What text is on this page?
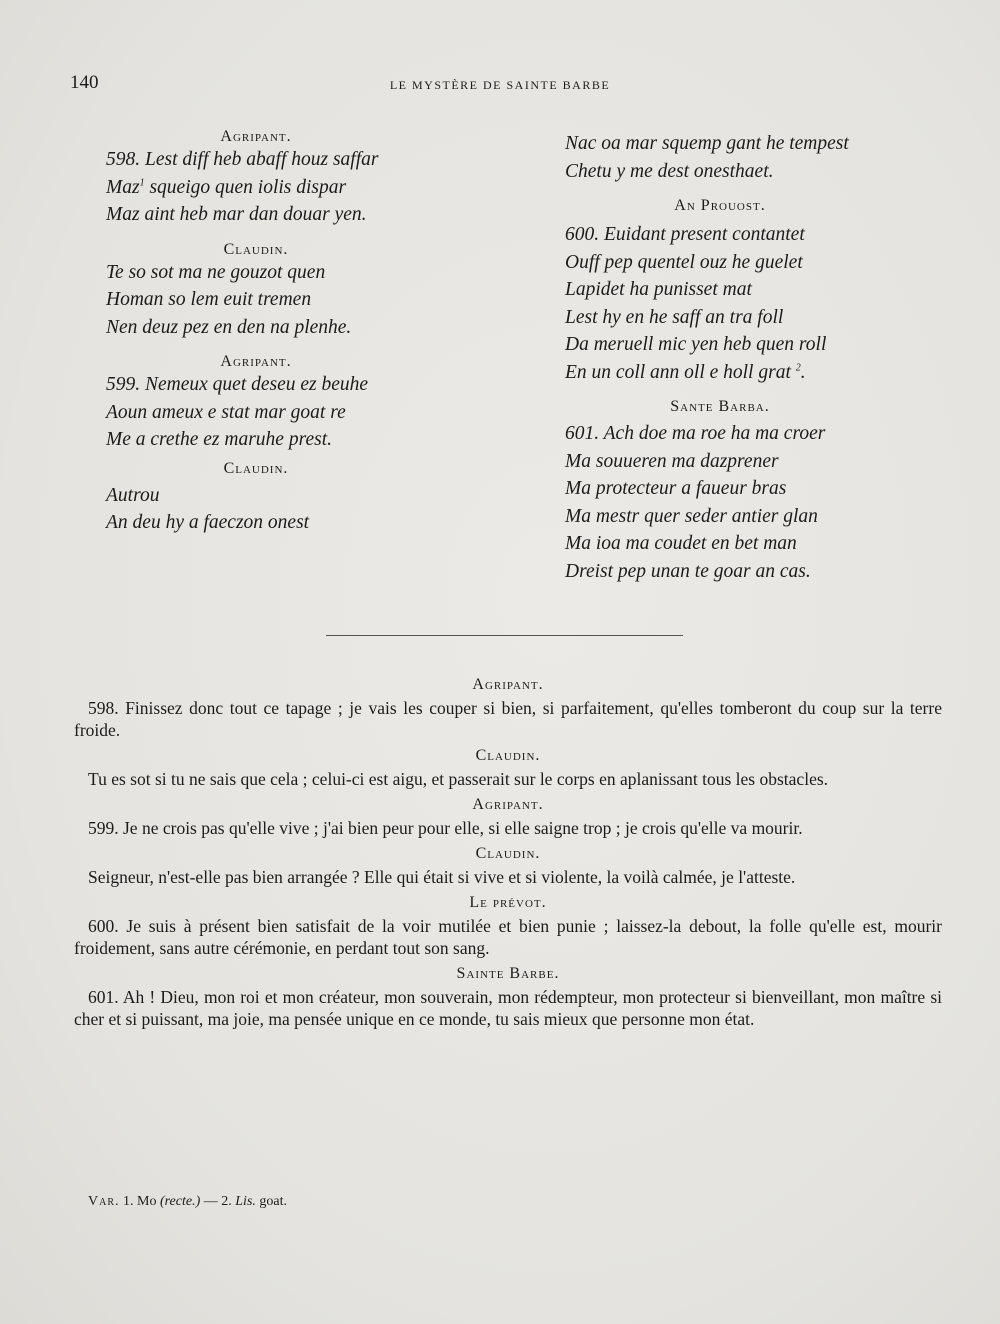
140	LE MYSTÈRE DE SAINTE BARBE

Agripant.

598. Lest diff heb abaff houz saffar

Maz$^1$ squeigo quen iolis dispar

Maz aint heb mar dan douar yen.

Claudin.

Te so sot ma ne gouzot quen

Homan so lem euit tremen

Nen deuz pez en den na plenhe.

Agripant.

599. Nemeux quet deseu ez beuhe

Aoun ameux e stat mar goat re

Me a crethe ez maruhe prest.

Claudin.

Autrou

An deu hy a faeczon onest

Nac oa mar squemp gant he tempest

Chetu y me dest onesthaet.

An Prouost.

600. Euidant present contantet

Ouff pep quentel ouz he guelet

Lapidet ha punisset mat

Lest hy en he saff an tra foll

Da meruell mic yen heb quen roll

En un coll ann oll e holl grat $^2$.

Sante Barba.

601. Ach doe ma roe ha ma croer

Ma souueren ma dazprener

Ma protecteur a faueur bras

Ma mestr quer seder antier glan

Ma ioa ma coudet en bet man

Dreist pep unan te goar an cas.

Agripant.

598. Finissez donc tout ce tapage ; je vais les couper si bien, si parfaitement, qu'elles tomberont du coup sur la terre froide.

Claudin.

Tu es sot si tu ne sais que cela ; celui-ci est aigu, et passerait sur le corps en aplanissant tous les obstacles.

Agripant.

599. Je ne crois pas qu'elle vive ; j'ai bien peur pour elle, si elle saigne trop ; je crois qu'elle va mourir.

Claudin.

Seigneur, n'est-elle pas bien arrangée ? Elle qui était si vive et si violente, la voilà calmée, je l'atteste.

Le prévot.

600. Je suis à présent bien satisfait de la voir mutilée et bien punie ; laissez-la debout, la folle qu'elle est, mourir froidement, sans autre cérémonie, en perdant tout son sang.

Sainte Barbe.

601. Ah ! Dieu, mon roi et mon créateur, mon souverain, mon rédempteur, mon protecteur si bienveillant, mon maître si cher et si puissant, ma joie, ma pensée unique en ce monde, tu sais mieux que personne mon état.

Var. 1. Mo (recte.) — 2. Lis. goat.
